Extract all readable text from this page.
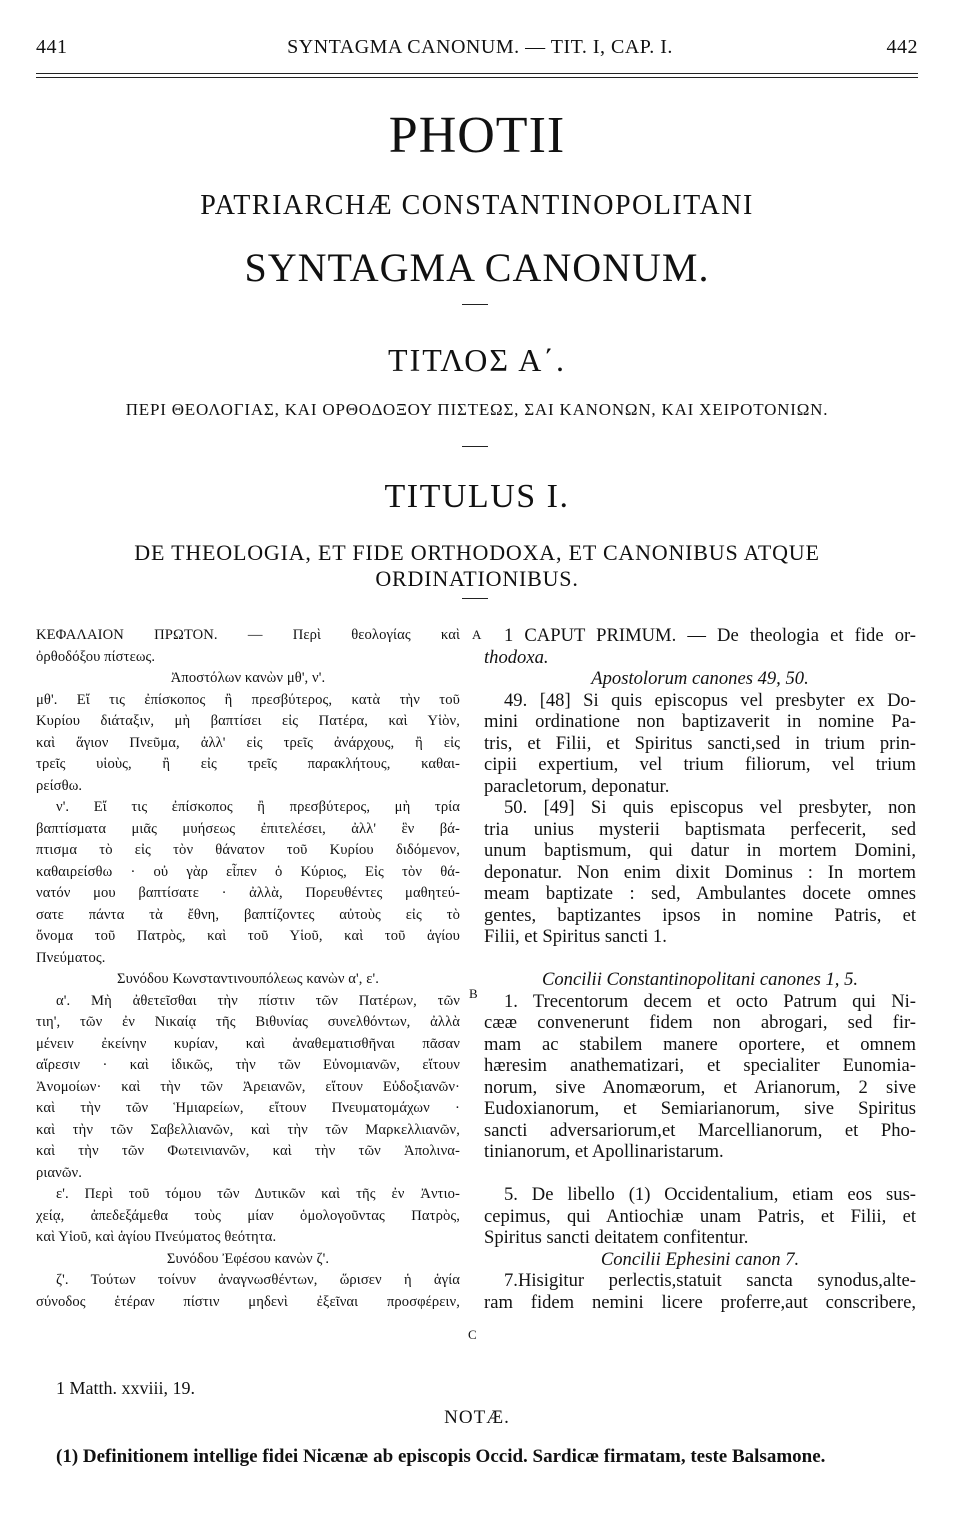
441	SYNTAGMA CANONUM. — TIT. I, CAP. I.	442
PHOTII
PATRIARCHÆ CONSTANTINOPOLITANI
SYNTAGMA CANONUM.
ΤΙΤΛΟΣ Α΄.
ΠΕΡΙ ΘΕΟΛΟΓΙΑΣ, ΚΑΙ ΟΡΘΟΔΟΞΟΥ ΠΙΣΤΕΩΣ, ΣΑΙ ΚΑΝΟΝΩΝ, ΚΑΙ ΧΕΙΡΟΤΟΝΙΩΝ.
TITULUS I.
DE THEOLOGIA, ET FIDE ORTHODOXA, ET CANONIBUS ATQUE ORDINATIONIBUS.
A
B
C
ΚΕΦΑΛΑΙΟΝ ΠΡΩΤΟΝ. — Περὶ θεολογίας καὶ
ὀρθοδόξου πίστεως.
Ἀποστόλων κανὼν μθ', ν'.
μθ'. Εἴ τις ἐπίσκοπος ἢ πρεσβύτερος, κατὰ τὴν τοῦ
Κυρίου διάταξιν, μὴ βαπτίσει εἰς Πατέρα, καὶ Υἱὸν,
καὶ ἅγιον Πνεῦμα, ἀλλ' εἰς τρεῖς ἀνάρχους, ἢ εἰς
τρεῖς υἱοὺς, ἢ εἰς τρεῖς παρακλήτους, καθαι-
ρείσθω.
ν'. Εἴ τις ἐπίσκοπος ἢ πρεσβύτερος, μὴ τρία
βαπτίσματα μιᾶς μυήσεως ἐπιτελέσει, ἀλλ' ἓν βά-
πτισμα τὸ εἰς τὸν θάνατον τοῦ Κυρίου διδόμενον,
καθαιρείσθω · οὐ γὰρ εἶπεν ὁ Κύριος, Εἰς τὸν θά-
νατόν μου βαπτίσατε · ἀλλὰ, Πορευθέντες μαθητεύ-
σατε πάντα τὰ ἔθνη, βαπτίζοντες αὐτοὺς εἰς τὸ
ὄνομα τοῦ Πατρὸς, καὶ τοῦ Υἱοῦ, καὶ τοῦ ἁγίου
Πνεύματος.
Συνόδου Κωνσταντινουπόλεως κανὼν α', ε'.
α'. Μὴ ἀθετεῖσθαι τὴν πίστιν τῶν Πατέρων, τῶν
τιη', τῶν ἐν Νικαίᾳ τῆς Βιθυνίας συνελθόντων, ἀλλὰ
μένειν ἐκείνην κυρίαν, καὶ ἀναθεματισθῆναι πᾶσαν
αἵρεσιν · καὶ ἰδικῶς, τὴν τῶν Εὐνομιανῶν, εἴτουν
Ἀνομοίων· καὶ τὴν τῶν Ἀρειανῶν, εἴτουν Εὐδοξιανῶν·
καὶ τὴν τῶν Ἡμιαρείων, εἴτουν Πνευματομάχων ·
καὶ τὴν τῶν Σαβελλιανῶν, καὶ τὴν τῶν Μαρκελλιανῶν,
καὶ τὴν τῶν Φωτεινιανῶν, καὶ τὴν τῶν Ἀπολινα-
ριανῶν.
ε'. Περὶ τοῦ τόμου τῶν Δυτικῶν καὶ τῆς ἐν Ἀντιο-
χείᾳ, ἀπεδεξάμεθα τοὺς μίαν ὁμολογοῦντας Πατρὸς,
καὶ Υἱοῦ, καὶ ἁγίου Πνεύματος θεότητα.
Συνόδου Ἐφέσου κανὼν ζ'.
ζ'. Τούτων τοίνυν ἀναγνωσθέντων, ὥρισεν ἡ ἁγία
σύνοδος ἑτέραν πίστιν μηδενὶ ἐξεῖναι προσφέρειν,
1 CAPUT PRIMUM. — De theologia et fide or-
thodoxa.
Apostolorum canones 49, 50.
49. [48] Si quis episcopus vel presbyter ex Do-
mini ordinatione non baptizaverit in nomine Pa-
tris, et Filii, et Spiritus sancti,sed in trium prin-
cipii expertium, vel trium filiorum, vel trium
paracletorum, deponatur.
50. [49] Si quis episcopus vel presbyter, non
tria unius mysterii baptismata perfecerit, sed
unum baptismum, qui datur in mortem Domini,
deponatur. Non enim dixit Dominus : In mortem
meam baptizate : sed, Ambulantes docete omnes
gentes, baptizantes ipsos in nomine Patris, et
Filii, et Spiritus sancti 1.
Concilii Constantinopolitani canones 1, 5.
1. Trecentorum decem et octo Patrum qui Ni-
cææ convenerunt fidem non abrogari, sed fir-
mam ac stabilem manere oportere, et omnem
hæresim anathematizari, et specialiter Eunomia-
norum, sive Anomæorum, et Arianorum, 2 sive
Eudoxianorum, et Semiarianorum, sive Spiritus
sancti adversariorum,et Marcellianorum, et Pho-
tinianorum, et Apollinaristarum.
5. De libello (1) Occidentalium, etiam eos sus-
cepimus, qui Antiochiæ unam Patris, et Filii, et
Spiritus sancti deitatem confitentur.
Concilii Ephesini canon 7.
7.Hisigitur perlectis,statuit sancta synodus,alte-
ram fidem nemini licere proferre,aut conscribere,
1 Matth. xxviii, 19.
NOTÆ.
(1) Definitionem intellige fidei Nicænæ ab episcopis Occid. Sardicæ firmatam, teste Balsamone.
